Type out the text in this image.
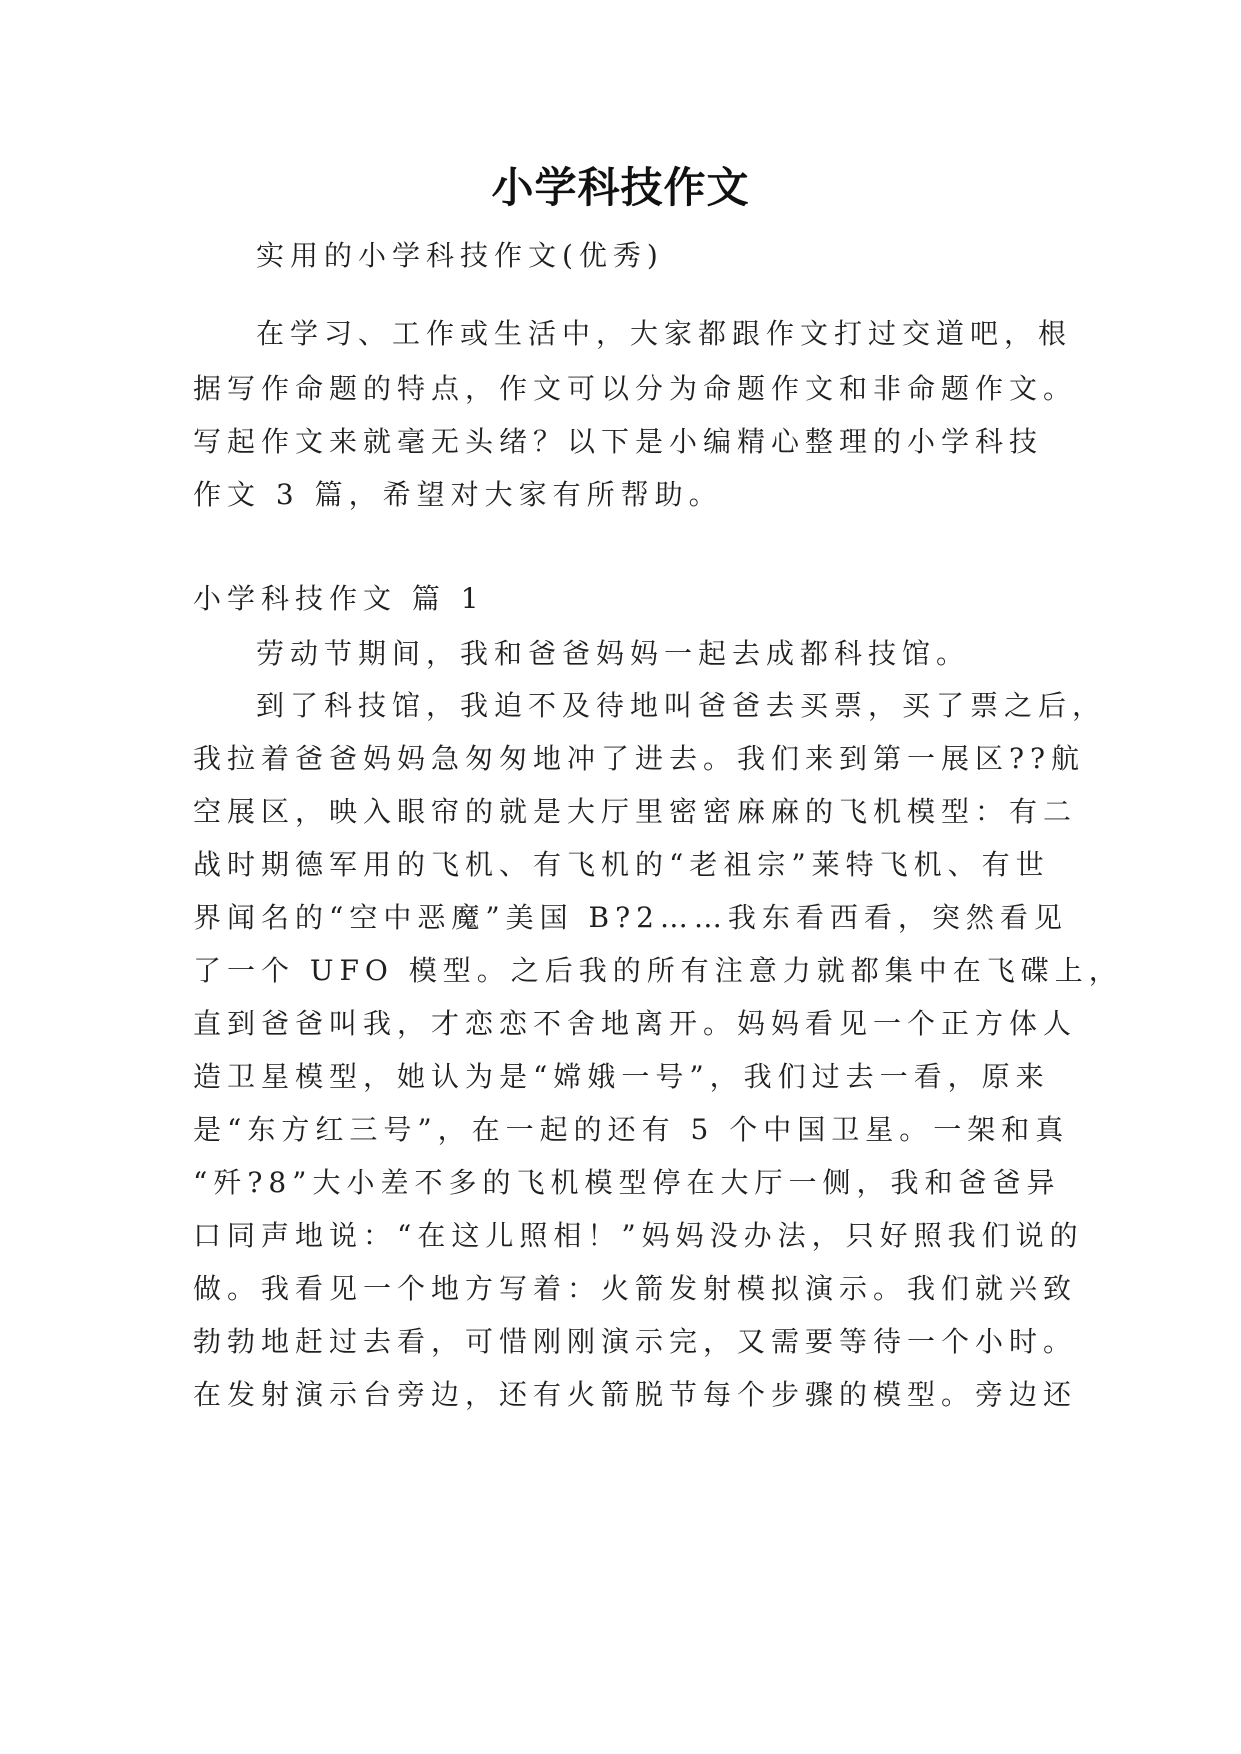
小学科技作文
实用的小学科技作文(优秀)
在学习、工作或生活中，大家都跟作文打过交道吧，根
据写作命题的特点，作文可以分为命题作文和非命题作文。
写起作文来就毫无头绪？以下是小编精心整理的小学科技
作文 3 篇，希望对大家有所帮助。
小学科技作文 篇 1
劳动节期间，我和爸爸妈妈一起去成都科技馆。
到了科技馆，我迫不及待地叫爸爸去买票，买了票之后，
我拉着爸爸妈妈急匆匆地冲了进去。我们来到第一展区??航
空展区，映入眼帘的就是大厅里密密麻麻的飞机模型：有二
战时期德军用的飞机、有飞机的“老祖宗”莱特飞机、有世
界闻名的“空中恶魔”美国 B?2……我东看西看，突然看见
了一个 UFO 模型。之后我的所有注意力就都集中在飞碟上，
直到爸爸叫我，才恋恋不舍地离开。妈妈看见一个正方体人
造卫星模型，她认为是“嫦娥一号”，我们过去一看，原来
是“东方红三号”，在一起的还有 5 个中国卫星。一架和真
“歼?8”大小差不多的飞机模型停在大厅一侧，我和爸爸异
口同声地说：“在这儿照相！”妈妈没办法，只好照我们说的
做。我看见一个地方写着：火箭发射模拟演示。我们就兴致
勃勃地赶过去看，可惜刚刚演示完，又需要等待一个小时。
在发射演示台旁边，还有火箭脱节每个步骤的模型。旁边还
